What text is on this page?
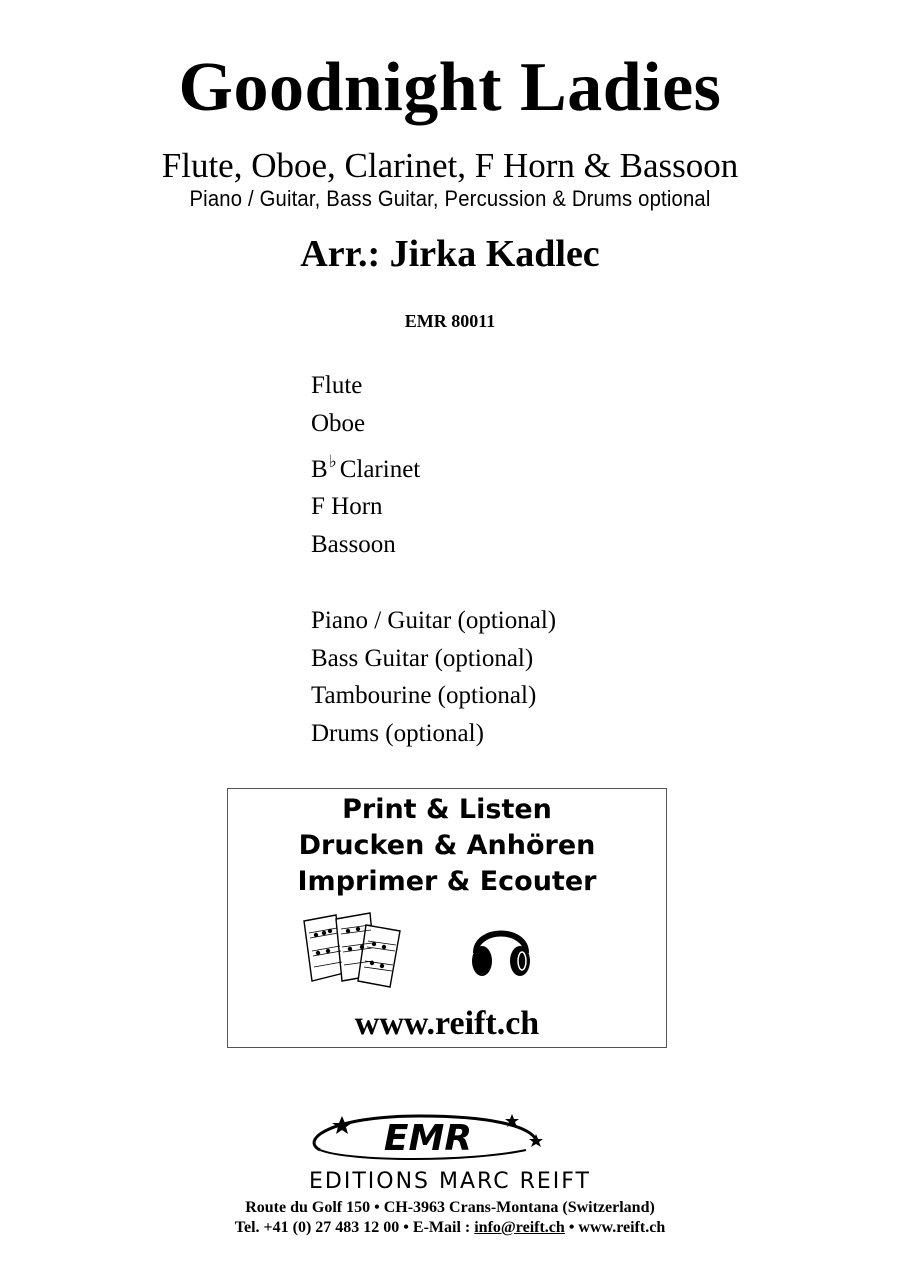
Goodnight Ladies
Flute, Oboe, Clarinet, F Horn & Bassoon
Piano / Guitar, Bass Guitar, Percussion & Drums optional
Arr.: Jirka Kadlec
EMR 80011
Flute
Oboe
B♭ Clarinet
F Horn
Bassoon
Piano / Guitar (optional)
Bass Guitar (optional)
Tambourine (optional)
Drums (optional)
Print & Listen
Drucken & Anhören
Imprimer & Ecouter
www.reift.ch
EMR
EDITIONS MARC REIFT
Route du Golf 150 • CH-3963 Crans-Montana (Switzerland)
Tel. +41 (0) 27 483 12 00 • E-Mail : info@reift.ch • www.reift.ch
